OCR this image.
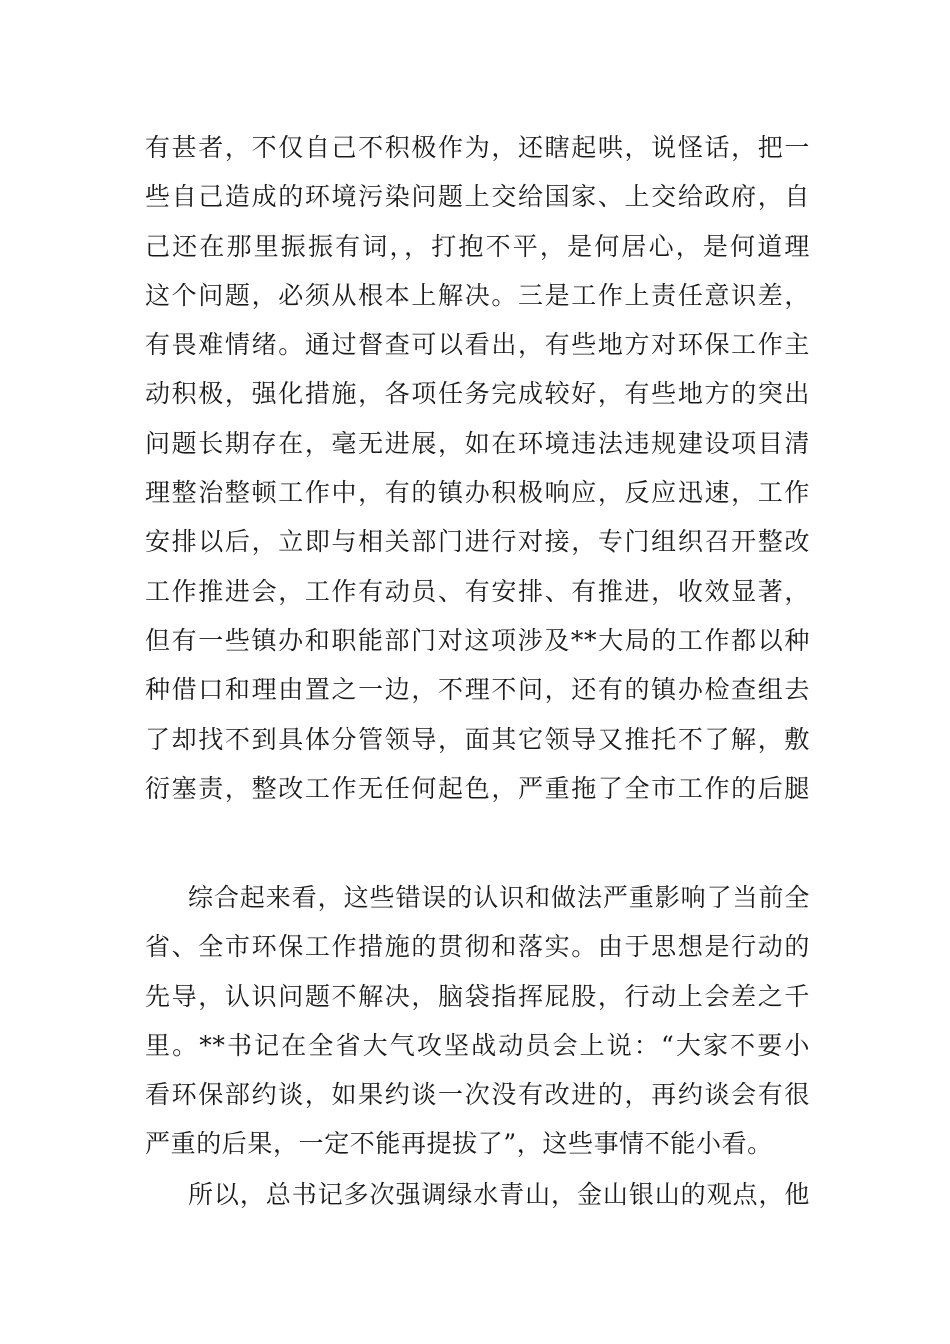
有甚者，不仅自己不积极作为，还瞎起哄，说怪话，把一
些自己造成的环境污染问题上交给国家、上交给政府，自
己还在那里振振有词，，打抱不平，是何居心，是何道理
这个问题，必须从根本上解决。三是工作上责任意识差，
有畏难情绪。通过督查可以看出，有些地方对环保工作主
动积极，强化措施，各项任务完成较好，有些地方的突出
问题长期存在，毫无进展，如在环境违法违规建设项目清
理整治整顿工作中，有的镇办积极响应，反应迅速，工作
安排以后，立即与相关部门进行对接，专门组织召开整改
工作推进会，工作有动员、有安排、有推进，收效显著，
但有一些镇办和职能部门对这项涉及**大局的工作都以种
种借口和理由置之一边，不理不问，还有的镇办检查组去
了却找不到具体分管领导，面其它领导又推托不了解，敷
衍塞责，整改工作无任何起色，严重拖了全市工作的后腿
综合起来看，这些错误的认识和做法严重影响了当前全
省、全市环保工作措施的贯彻和落实。由于思想是行动的
先导，认识问题不解决，脑袋指挥屁股，行动上会差之千
里。**书记在全省大气攻坚战动员会上说：“大家不要小
看环保部约谈，如果约谈一次没有改进的，再约谈会有很
严重的后果，一定不能再提拔了”，这些事情不能小看。
所以，总书记多次强调绿水青山，金山银山的观点，他
